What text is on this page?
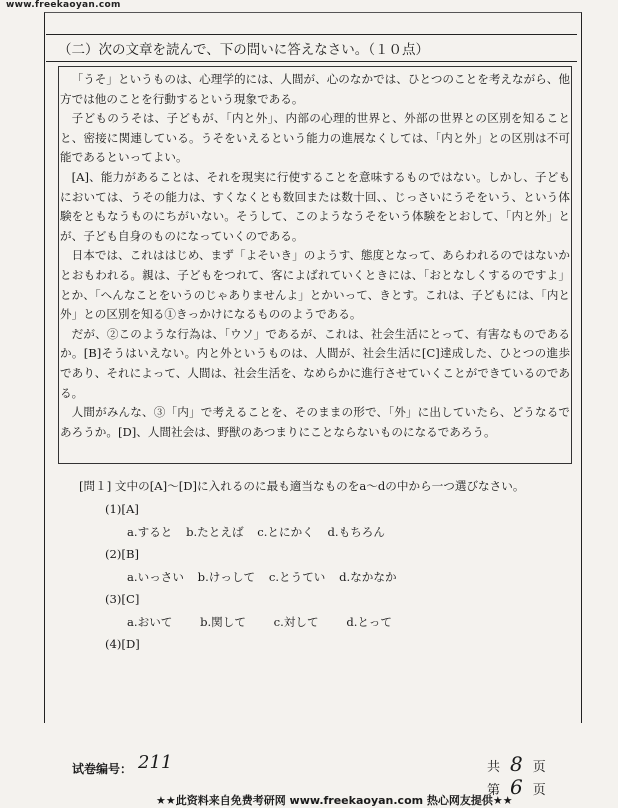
www.freekaoyan.com
（二）次の文章を読んで、下の問いに答えなさい。（１０点）

「うそ」というものは、心理学的には、人間が、心のなかでは、ひとつのことを考えながら、他方では他のことを行動するという現象である。

子どものうそは、子どもが、「内と外」、内部の心理的世界と、外部の世界との区別を知ることと、密接に関連している。うそをいえるという能力の進展なくしては、「内と外」との区別は不可能であるといってよい。

[A]、能力があることは、それを現実に行使することを意味するものではない。しかし、子どもにおいては、うその能力は、すくなくとも数回または数十回、、じっさいにうそをいう、という体験をともなうものにちがいない。そうして、このようなうそをいう体験をとおして、「内と外」とが、子ども自身のものになっていくのである。

日本では、これははじめ、まず「よそいき」のようす、態度となって、あらわれるのではないかとおもわれる。親は、子どもをつれて、客によばれていくときには、「おとなしくするのですよ」とか、「へんなことをいうのじゃありませんよ」とかいって、きとす。これは、子どもには、「内と外」との区別を知る①きっかけになるもののようである。

だが、②このような行為は、「ウソ」であるが、これは、社会生活にとって、有害なものであるか。[B]そうはいえない。内と外というものは、人間が、社会生活に[C]達成した、ひとつの進歩であり、それによって、人間は、社会生活を、なめらかに進行させていくことができているのである。

人間がみんな、③「内」で考えることを、そのままの形で、「外」に出していたら、どうなるであろうか。[D]、人間社会は、野獣のあつまりにことならないものになるであろう。

[問１] 文中の[A]～[D]に入れるのに最も適当なものをa～dの中から一つ選びなさい。
(1)[A]
a.すると b.たとえば c.とにかく d.もちろん
(2)[B]
a.いっさい b.けっして c.とうてい d.なかなか
(3)[C]
a.おいて b.関して c.対して d.とって
(4)[D]
试卷编号： 211	共 8 页
第 6 页
★★此资料来自免费考研网 www.freekaoyan.com 热心网友提供★★
